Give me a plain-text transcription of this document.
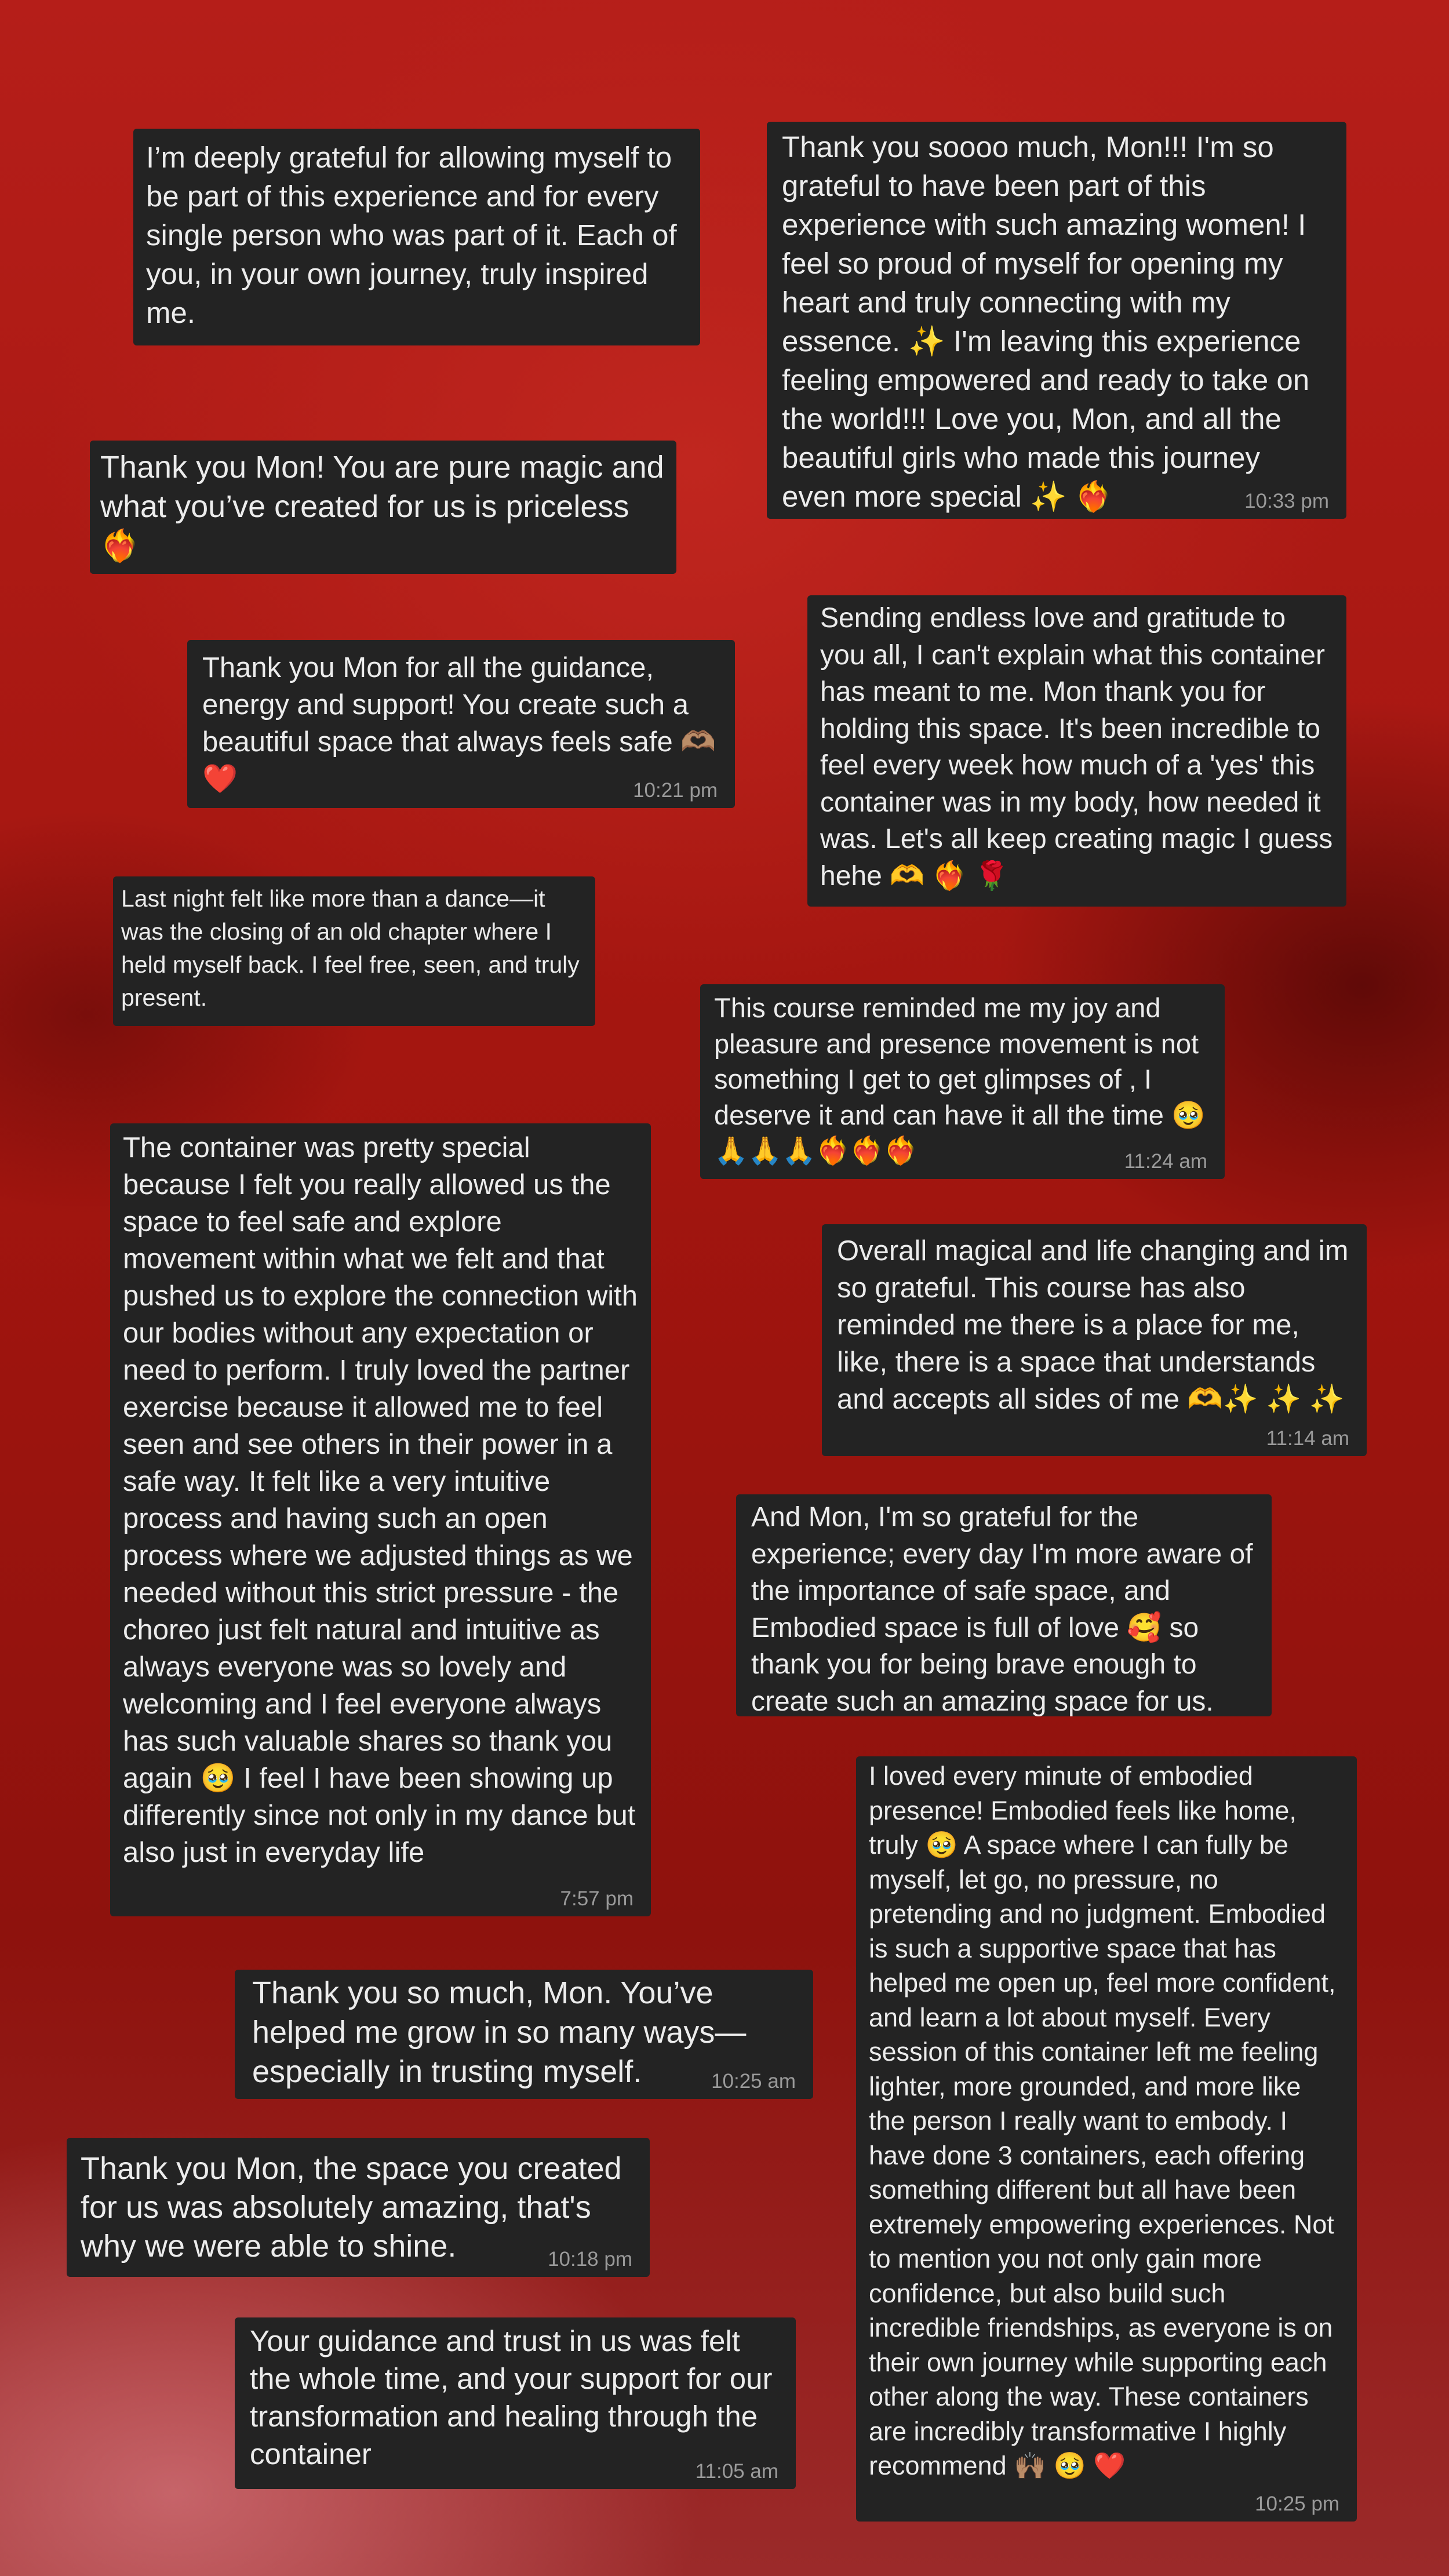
I’m deeply grateful for allowing myself to be part of this experience and for every single person who was part of it. Each of you, in your own journey, truly inspired me.
Thank you soooo much, Mon!!! I'm so grateful to have been part of this experience with such amazing women! I feel so proud of myself for opening my heart and truly connecting with my essence. ✨ I'm leaving this experience feeling empowered and ready to take on the world!!! Love you, Mon, and all the beautiful girls who made this journey even more special ✨ ❤️‍🔥	10:33 pm
Thank you Mon! You are pure magic and what you’ve created for us is priceless ❤️‍🔥
Sending endless love and gratitude to you all, I can't explain what this container has meant to me. Mon thank you for holding this space. It's been incredible to feel every week how much of a 'yes' this container was in my body, how needed it was. Let's all keep creating magic I guess hehe 🫶 ❤️‍🔥 🌹
Thank you Mon for all the guidance, energy and support! You create such a beautiful space that always feels safe 🫶🏽 ❤️	10:21 pm
Last night felt like more than a dance—it was the closing of an old chapter where I held myself back. I feel free, seen, and truly present.	This course reminded me my joy and pleasure and presence movement is not something I get to get glimpses of , I deserve it and can have it all the time 🥹🙏🙏🙏❤️‍🔥❤️‍🔥❤️‍🔥	11:24 am
The container was pretty special because I felt you really allowed us the space to feel safe and explore movement within what we felt and that pushed us to explore the connection with our bodies without any expectation or need to perform. I truly loved the partner exercise because it allowed me to feel seen and see others in their power in a safe way. It felt like a very intuitive process and having such an open process where we adjusted things as we needed without this strict pressure - the choreo just felt natural and intuitive as always everyone was so lovely and welcoming and I feel everyone always has such valuable shares so thank you again 🥹 I feel I have been showing up differently since not only in my dance but also just in everyday life
7:57 pm
Overall magical and life changing and im so grateful. This course has also reminded me there is a place for me, like, there is a space that understands and accepts all sides of me 🫶✨ ✨ ✨
11:14 am
And Mon, I'm so grateful for the experience; every day I'm more aware of the importance of safe space, and Embodied space is full of love 🥰 so thank you for being brave enough to create such an amazing space for us.
I loved every minute of embodied presence! Embodied feels like home, truly 🥹 A space where I can fully be myself, let go, no pressure, no pretending and no judgment. Embodied is such a supportive space that has helped me open up, feel more confident, and learn a lot about myself. Every session of this container left me feeling lighter, more grounded, and more like the person I really want to embody. I have done 3 containers, each offering something different but all have been extremely empowering experiences. Not to mention you not only gain more confidence, but also build such incredible friendships, as everyone is on their own journey while supporting each other along the way. These containers are incredibly transformative I highly recommend 🙌🏽 🥹 ❤️
10:25 pm
Thank you so much, Mon. You’ve helped me grow in so many ways—especially in trusting myself.	10:25 am
Thank you Mon, the space you created for us was absolutely amazing, that's why we were able to shine.	10:18 pm
Your guidance and trust in us was felt the whole time, and your support for our transformation and healing through the container
11:05 am
